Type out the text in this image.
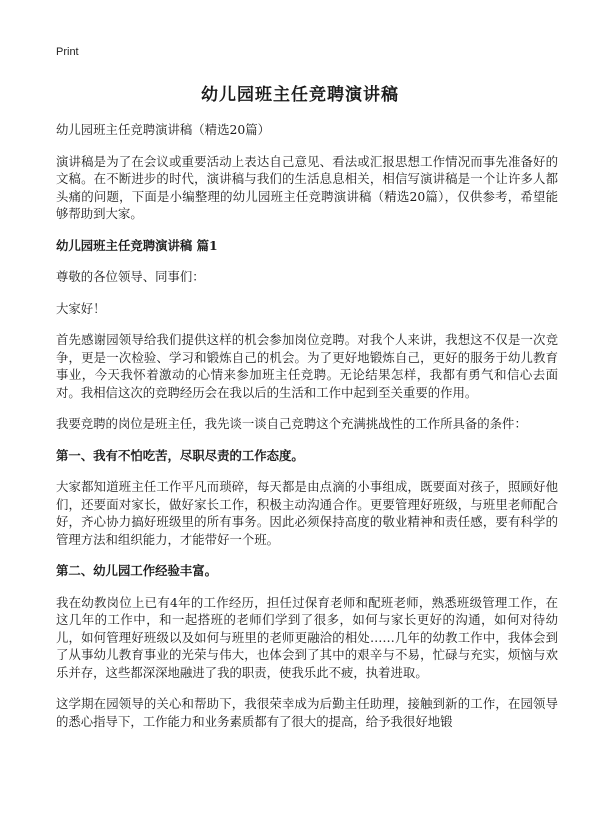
Print
幼儿园班主任竞聘演讲稿

幼儿园班主任竞聘演讲稿（精选20篇）

演讲稿是为了在会议或重要活动上表达自己意见、看法或汇报思想工作情况而事先准备好的文稿。在不断进步的时代，演讲稿与我们的生活息息相关，相信写演讲稿是一个让许多人都头痛的问题，下面是小编整理的幼儿园班主任竞聘演讲稿（精选20篇），仅供参考，希望能够帮助到大家。

幼儿园班主任竞聘演讲稿 篇1

尊敬的各位领导、同事们：

大家好！

首先感谢园领导给我们提供这样的机会参加岗位竞聘。对我个人来讲，我想这不仅是一次竞争，更是一次检验、学习和锻炼自己的机会。为了更好地锻炼自己，更好的服务于幼儿教育事业，今天我怀着激动的心情来参加班主任竞聘。无论结果怎样，我都有勇气和信心去面对。我相信这次的竞聘经历会在我以后的生活和工作中起到至关重要的作用。

我要竞聘的岗位是班主任，我先谈一谈自己竞聘这个充满挑战性的工作所具备的条件：

第一、我有不怕吃苦，尽职尽责的工作态度。

大家都知道班主任工作平凡而琐碎，每天都是由点滴的小事组成，既要面对孩子，照顾好他们，还要面对家长，做好家长工作，积极主动沟通合作。更要管理好班级，与班里老师配合好，齐心协力搞好班级里的所有事务。因此必须保持高度的敬业精神和责任感，要有科学的管理方法和组织能力，才能带好一个班。

第二、幼儿园工作经验丰富。

我在幼教岗位上已有4年的工作经历，担任过保育老师和配班老师，熟悉班级管理工作，在这几年的工作中，和一起搭班的老师们学到了很多，如何与家长更好的沟通，如何对待幼儿，如何管理好班级以及如何与班里的老师更融洽的相处……几年的幼教工作中，我体会到了从事幼儿教育事业的光荣与伟大，也体会到了其中的艰辛与不易，忙碌与充实，烦恼与欢乐并存，这些都深深地融进了我的职责，使我乐此不疲，执着进取。

这学期在园领导的关心和帮助下，我很荣幸成为后勤主任助理，接触到新的工作，在园领导的悉心指导下，工作能力和业务素质都有了很大的提高，给予我很好地锻
